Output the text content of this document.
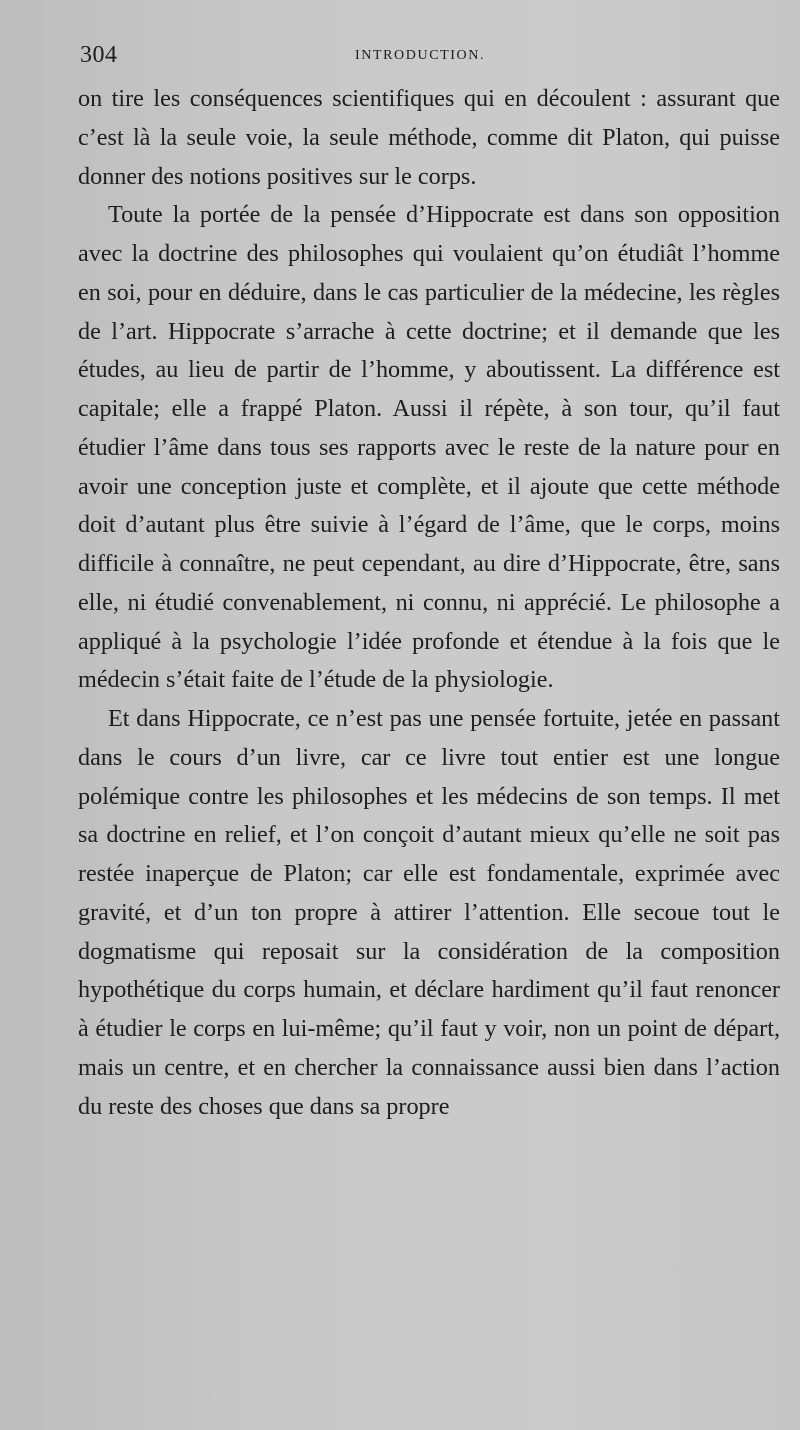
304	INTRODUCTION.

on tire les conséquences scientifiques qui en découlent : assurant que c’est là la seule voie, la seule méthode, comme dit Platon, qui puisse donner des notions positives sur le corps.

Toute la portée de la pensée d’Hippocrate est dans son opposition avec la doctrine des philosophes qui voulaient qu’on étudiât l’homme en soi, pour en déduire, dans le cas particulier de la médecine, les règles de l’art. Hippocrate s’arrache à cette doctrine; et il demande que les études, au lieu de partir de l’homme, y aboutissent. La différence est capitale; elle a frappé Platon. Aussi il répète, à son tour, qu’il faut étudier l’âme dans tous ses rapports avec le reste de la nature pour en avoir une conception juste et complète, et il ajoute que cette méthode doit d’autant plus être suivie à l’égard de l’âme, que le corps, moins difficile à connaître, ne peut cependant, au dire d’Hippocrate, être, sans elle, ni étudié convenablement, ni connu, ni apprécié. Le philosophe a appliqué à la psychologie l’idée profonde et étendue à la fois que le médecin s’était faite de l’étude de la physiologie.

Et dans Hippocrate, ce n’est pas une pensée fortuite, jetée en passant dans le cours d’un livre, car ce livre tout entier est une longue polémique contre les philosophes et les médecins de son temps. Il met sa doctrine en relief, et l’on conçoit d’autant mieux qu’elle ne soit pas restée inaperçue de Platon; car elle est fondamentale, exprimée avec gravité, et d’un ton propre à attirer l’attention. Elle secoue tout le dogmatisme qui reposait sur la considération de la composition hypothétique du corps humain, et déclare hardiment qu’il faut renoncer à étudier le corps en lui-même; qu’il faut y voir, non un point de départ, mais un centre, et en chercher la connaissance aussi bien dans l’action du reste des choses que dans sa propre
